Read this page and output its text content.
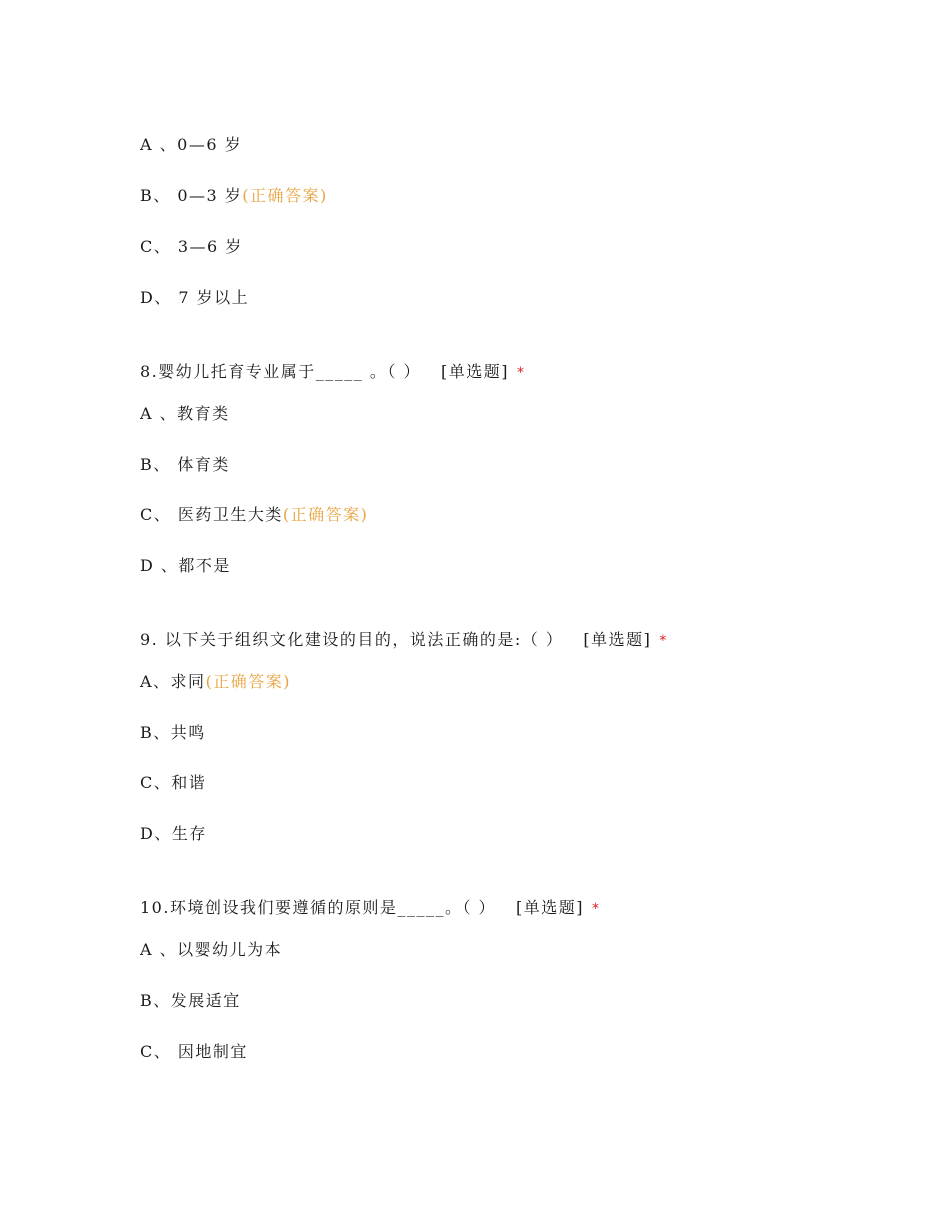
A 、0—6 岁
B、 0—3 岁(正确答案)
C、 3—6 岁
D、 7 岁以上
8.婴幼儿托育专业属于_____ 。（ ） [单选题] *
A 、教育类
B、 体育类
C、 医药卫生大类(正确答案)
D 、都不是
9. 以下关于组织文化建设的目的，说法正确的是:（ ） [单选题] *
A、求同(正确答案)
B、共鸣
C、和谐
D、生存
10.环境创设我们要遵循的原则是_____。（ ） [单选题] *
A 、以婴幼儿为本
B、发展适宜
C、 因地制宜
